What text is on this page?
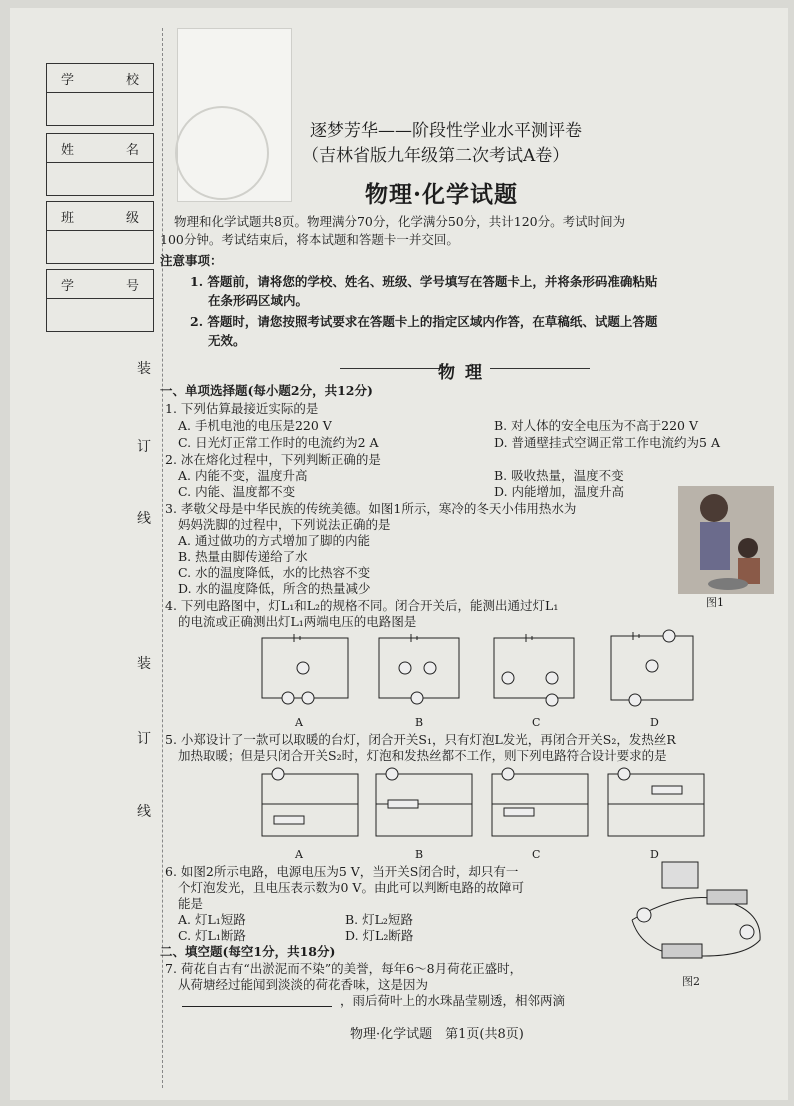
学	校
姓	名
班	级
学	号
装
订
线
装
订
线
逐梦芳华——阶段性学业水平测评卷
（吉林省版九年级第二次考试A卷）
物理·化学试题
物理和化学试题共8页。物理满分70分，化学满分50分，共计120分。考试时间为
100分钟。考试结束后，将本试题和答题卡一并交回。
注意事项：
1. 答题前，请将您的学校、姓名、班级、学号填写在答题卡上，并将条形码准确粘贴
在条形码区域内。
2. 答题时，请您按照考试要求在答题卡上的指定区域内作答，在草稿纸、试题上答题
无效。
物理
一、单项选择题(每小题2分，共12分)
1. 下列估算最接近实际的是
A. 手机电池的电压是220 V	B. 对人体的安全电压为不高于220 V
C. 日光灯正常工作时的电流约为2 A	D. 普通壁挂式空调正常工作电流约为5 A
2. 冰在熔化过程中，下列判断正确的是
A. 内能不变，温度升高	B. 吸收热量，温度不变
C. 内能、温度都不变	D. 内能增加，温度升高
3. 孝敬父母是中华民族的传统美德。如图1所示，寒冷的冬天小伟用热水为
妈妈洗脚的过程中，下列说法正确的是
A. 通过做功的方式增加了脚的内能
B. 热量由脚传递给了水
C. 水的温度降低，水的比热容不变
D. 水的温度降低，所含的热量减少
图1
4. 下列电路图中，灯L₁和L₂的规格不同。闭合开关后，能测出通过灯L₁
的电流或正确测出灯L₁两端电压的电路图是
A	B	C	D
5. 小郑设计了一款可以取暖的台灯，闭合开关S₁，只有灯泡L发光，再闭合开关S₂，发热丝R
加热取暖；但是只闭合开关S₂时，灯泡和发热丝都不工作，则下列电路符合设计要求的是
A	B	C	D
6. 如图2所示电路，电源电压为5 V，当开关S闭合时，却只有一
个灯泡发光，且电压表示数为0 V。由此可以判断电路的故障可
能是
A. 灯L₁短路	B. 灯L₂短路
C. 灯L₁断路	D. 灯L₂断路
图2
二、填空题(每空1分，共18分)
7. 荷花自古有“出淤泥而不染”的美誉，每年6～8月荷花正盛时，
从荷塘经过能闻到淡淡的荷花香味，这是因为
，雨后荷叶上的水珠晶莹剔透，相邻两滴
物理·化学试题　第1页(共8页)
